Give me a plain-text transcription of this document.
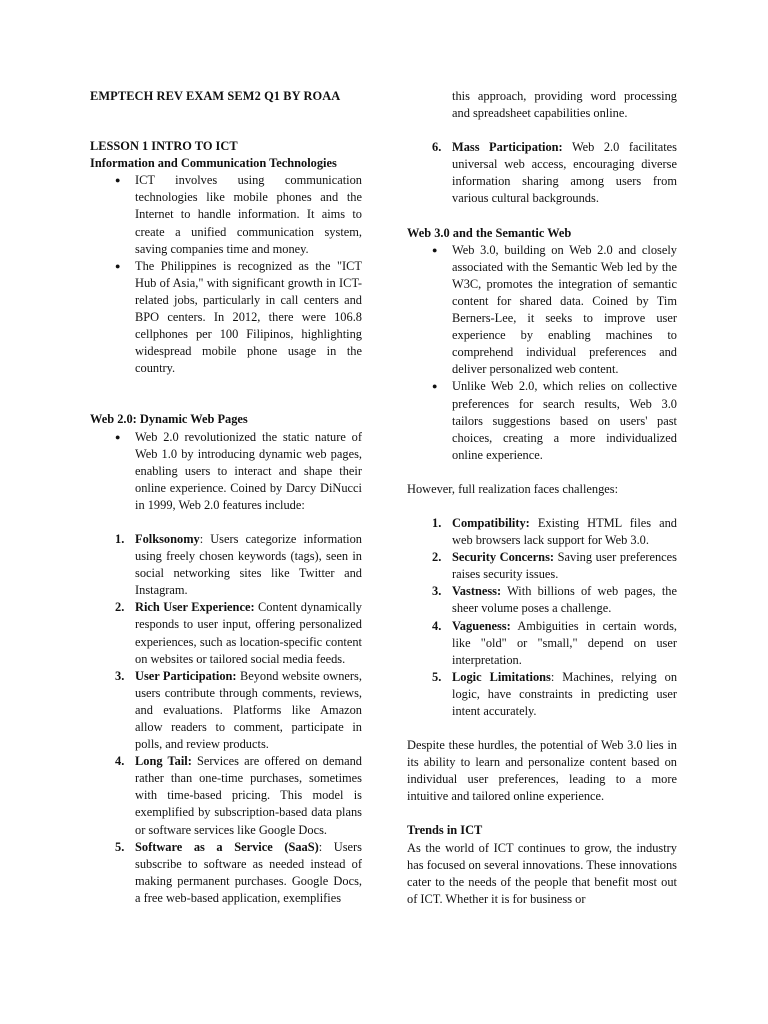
EMPTECH REV EXAM SEM2 Q1 BY ROAA

LESSON 1 INTRO TO ICT

Information and Communication Technologies

● ICT involves using communication technologies like mobile phones and the Internet to handle information. It aims to create a unified communication system, saving companies time and money.
● The Philippines is recognized as the "ICT Hub of Asia," with significant growth in ICT-related jobs, particularly in call centers and BPO centers. In 2012, there were 106.8 cellphones per 100 Filipinos, highlighting widespread mobile phone usage in the country.

Web 2.0: Dynamic Web Pages

● Web 2.0 revolutionized the static nature of Web 1.0 by introducing dynamic web pages, enabling users to interact and shape their online experience. Coined by Darcy DiNucci in 1999, Web 2.0 features include:
1. Folksonomy: Users categorize information using freely chosen keywords (tags), seen in social networking sites like Twitter and Instagram.
2. Rich User Experience: Content dynamically responds to user input, offering personalized experiences, such as location-specific content on websites or tailored social media feeds.
3. User Participation: Beyond website owners, users contribute through comments, reviews, and evaluations. Platforms like Amazon allow readers to comment, participate in polls, and review products.
4. Long Tail: Services are offered on demand rather than one-time purchases, sometimes with time-based pricing. This model is exemplified by subscription-based data plans or software services like Google Docs.
5. Software as a Service (SaaS): Users subscribe to software as needed instead of making permanent purchases. Google Docs, a free web-based application, exemplifies
this approach, providing word processing and spreadsheet capabilities online.
6. Mass Participation: Web 2.0 facilitates universal web access, encouraging diverse information sharing among users from various cultural backgrounds.

Web 3.0 and the Semantic Web

● Web 3.0, building on Web 2.0 and closely associated with the Semantic Web led by the W3C, promotes the integration of semantic content for shared data. Coined by Tim Berners-Lee, it seeks to improve user experience by enabling machines to comprehend individual preferences and deliver personalized web content.
● Unlike Web 2.0, which relies on collective preferences for search results, Web 3.0 tailors suggestions based on users' past choices, creating a more individualized online experience.

However, full realization faces challenges:

1. Compatibility: Existing HTML files and web browsers lack support for Web 3.0.
2. Security Concerns: Saving user preferences raises security issues.
3. Vastness: With billions of web pages, the sheer volume poses a challenge.
4. Vagueness: Ambiguities in certain words, like "old" or "small," depend on user interpretation.
5. Logic Limitations: Machines, relying on logic, have constraints in predicting user intent accurately.

Despite these hurdles, the potential of Web 3.0 lies in its ability to learn and personalize content based on individual user preferences, leading to a more intuitive and tailored online experience.

Trends in ICT

As the world of ICT continues to grow, the industry has focused on several innovations. These innovations cater to the needs of the people that benefit most out of ICT. Whether it is for business or
